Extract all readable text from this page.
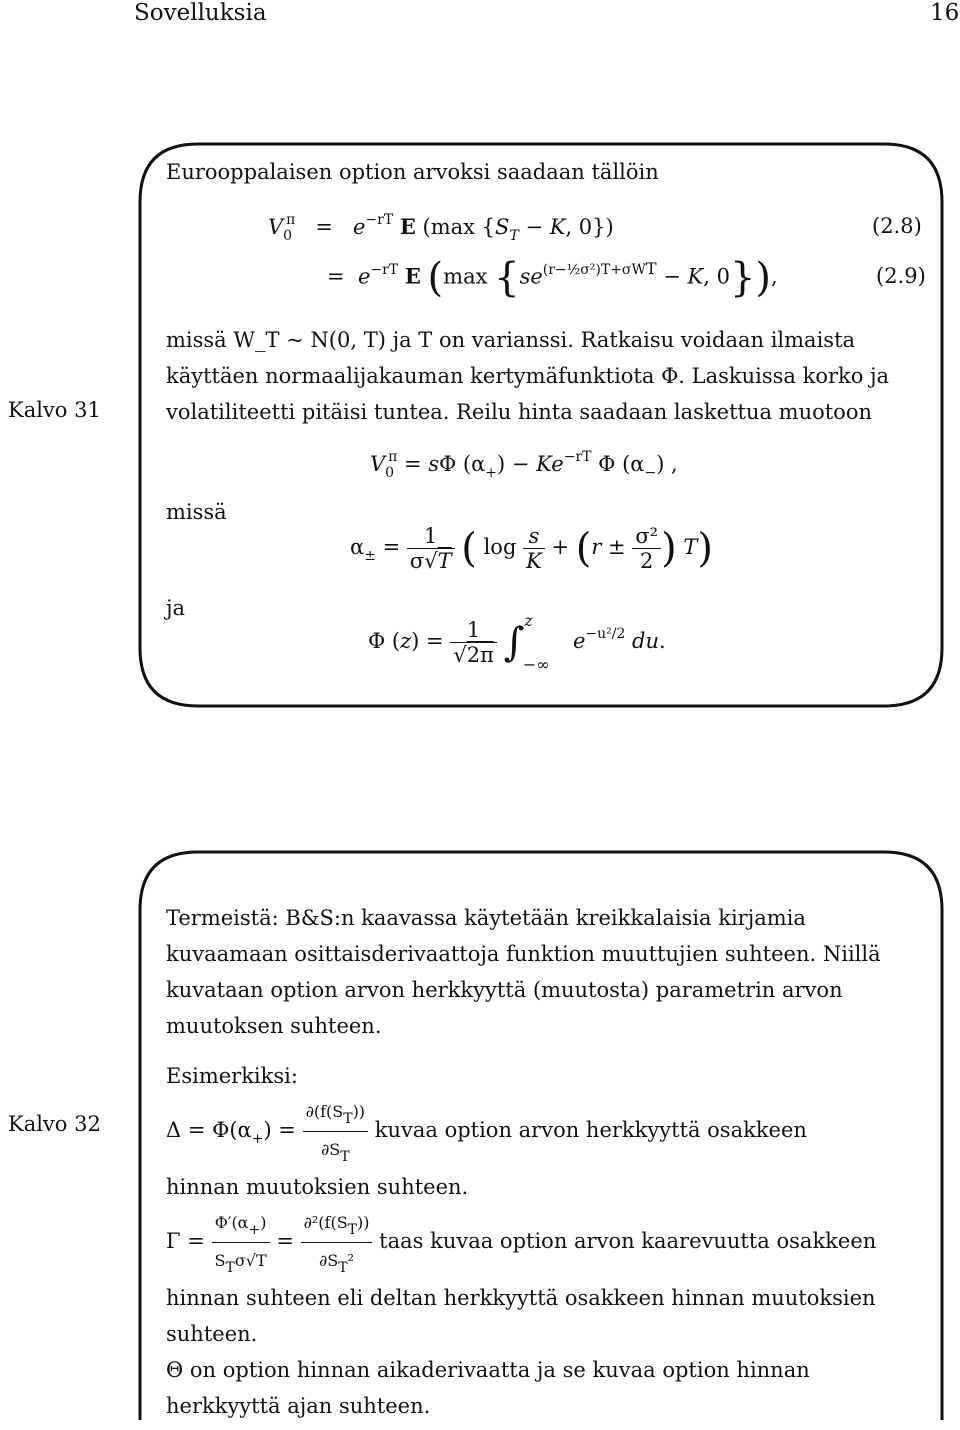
Sovelluksia	16
Kalvo 31
Eurooppalaisen option arvoksi saadaan tällöin
$V_0^\pi = e^{-rT}$ E (max {$S_T - K$, 0})	(2.8)
=  $e^{-rT}$ E (max {$se^{(r-\frac{1}{2}\sigma^2)T+\sigma WT} - K$, 0}),	(2.9)
missä W_T ~ N(0, T) ja T on varianssi. Ratkaisu voidaan ilmaista
käyttäen normaalijakauman kertymäfunktiota Φ. Laskuissa korko ja
volatiliteetti pitäisi tuntea. Reilu hinta saadaan laskettua muotoon
$V_0^\pi = s\Phi$ $(\alpha_+) - Ke^{-rT}$ Φ $(\alpha_-)$ ,
missä
$\alpha_\pm = \frac{1}{\sigma√T}$ ( $\log \frac{s}{K} + (r \pm \frac{\text{σ²}}{2}$ ) T)
ja
Φ $(z) = \frac{1}{√2\pi} \int^z_{-\infty}$  $e^{-u^2/2}$ du.
Kalvo 32

Termeistä: B&S:n kaavassa käytetään kreikkalaisia kirjamia kuvaamaan osittaisderivaattoja funktion muuttujien suhteen. Niillä kuvataan option arvon herkkyyttä (muutosta) parametrin arvon muutoksen suhteen.

Esimerkiksi:

$\Delta = \Phi(\alpha_+) = \frac{\partial(f(ST))}{\partial ST}$ kuvaa option arvon herkkyyttä osakkeen hinnan muutoksien suhteen.

$\Gamma = \frac{\Phi'(\alpha+)}{\text{STσ√T}} = \frac{\text{∂²(f(ST))}}{\text{∂ST²}}$ taas kuvaa option arvon kaarevuutta osakkeen hinnan suhteen eli deltan herkkyyttä osakkeen hinnan muutoksien suhteen.

Θ on option hinnan aikaderivaatta ja se kuvaa option hinnan herkkyyttä ajan suhteen.
